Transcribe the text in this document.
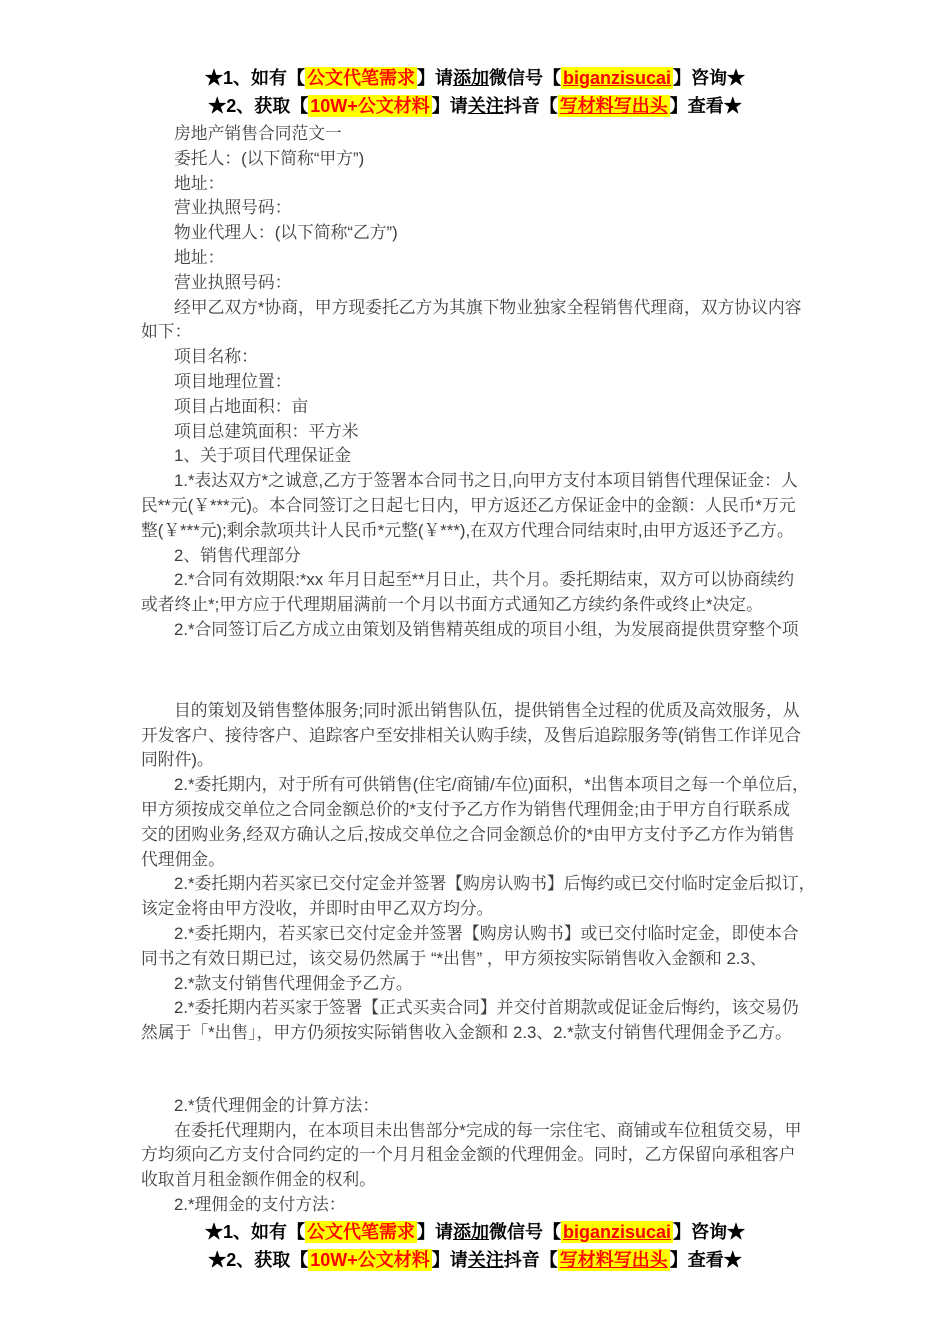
★1、如有【 公文代笔需求 】请添加微信号【 biganzisucai 】咨询★
★2、获取【 10W+公文材料 】请关注抖音【 写材料写出头 】查看★
房地产销售合同范文一
委托人：(以下简称“甲方”)
地址：
营业执照号码：
物业代理人：(以下简称“乙方”)
地址：
营业执照号码：
经甲乙双方*协商，甲方现委托乙方为其旗下物业独家全程销售代理商，双方协议内容
如下：
项目名称：
项目地理位置：
项目占地面积：亩
项目总建筑面积：平方米
1、关于项目代理保证金
1.*表达双方*之诚意,乙方于签署本合同书之日,向甲方支付本项目销售代理保证金：人
民**元(￥***元)。本合同签订之日起七日内，甲方返还乙方保证金中的金额：人民币*万元
整(￥***元);剩余款项共计人民币*元整(￥***),在双方代理合同结束时,由甲方返还予乙方。
2、销售代理部分
2.*合同有效期限:*xx 年月日起至**月日止，共个月。委托期结束，双方可以协商续约
或者终止*;甲方应于代理期届满前一个月以书面方式通知乙方续约条件或终止*决定。
2.*合同签订后乙方成立由策划及销售精英组成的项目小组，为发展商提供贯穿整个项
目的策划及销售整体服务;同时派出销售队伍，提供销售全过程的优质及高效服务，从
开发客户、接待客户、追踪客户至安排相关认购手续，及售后追踪服务等(销售工作详见合
同附件)。
2.*委托期内，对于所有可供销售(住宅/商铺/车位)面积，*出售本项目之每一个单位后，
甲方须按成交单位之合同金额总价的*支付予乙方作为销售代理佣金;由于甲方自行联系成
交的团购业务,经双方确认之后,按成交单位之合同金额总价的*由甲方支付予乙方作为销售
代理佣金。
2.*委托期内若买家已交付定金并签署【购房认购书】后悔约或已交付临时定金后拟订，
该定金将由甲方没收，并即时由甲乙双方均分。
2.*委托期内，若买家已交付定金并签署【购房认购书】或已交付临时定金，即使本合
同书之有效日期已过，该交易仍然属于 “*出售” ，甲方须按实际销售收入金额和 2.3、
2.*款支付销售代理佣金予乙方。
2.*委托期内若买家于签署【正式买卖合同】并交付首期款或促证金后悔约，该交易仍
然属于「*出售」，甲方仍须按实际销售收入金额和 2.3、2.*款支付销售代理佣金予乙方。
2.*赁代理佣金的计算方法：
在委托代理期内，在本项目未出售部分*完成的每一宗住宅、商铺或车位租赁交易，甲
方均须向乙方支付合同约定的一个月月租金金额的代理佣金。同时，乙方保留向承租客户
收取首月租金额作佣金的权利。
2.*理佣金的支付方法：
★1、如有【 公文代笔需求 】请添加微信号【 biganzisucai 】咨询★
★2、获取【 10W+公文材料 】请关注抖音【 写材料写出头 】查看★
